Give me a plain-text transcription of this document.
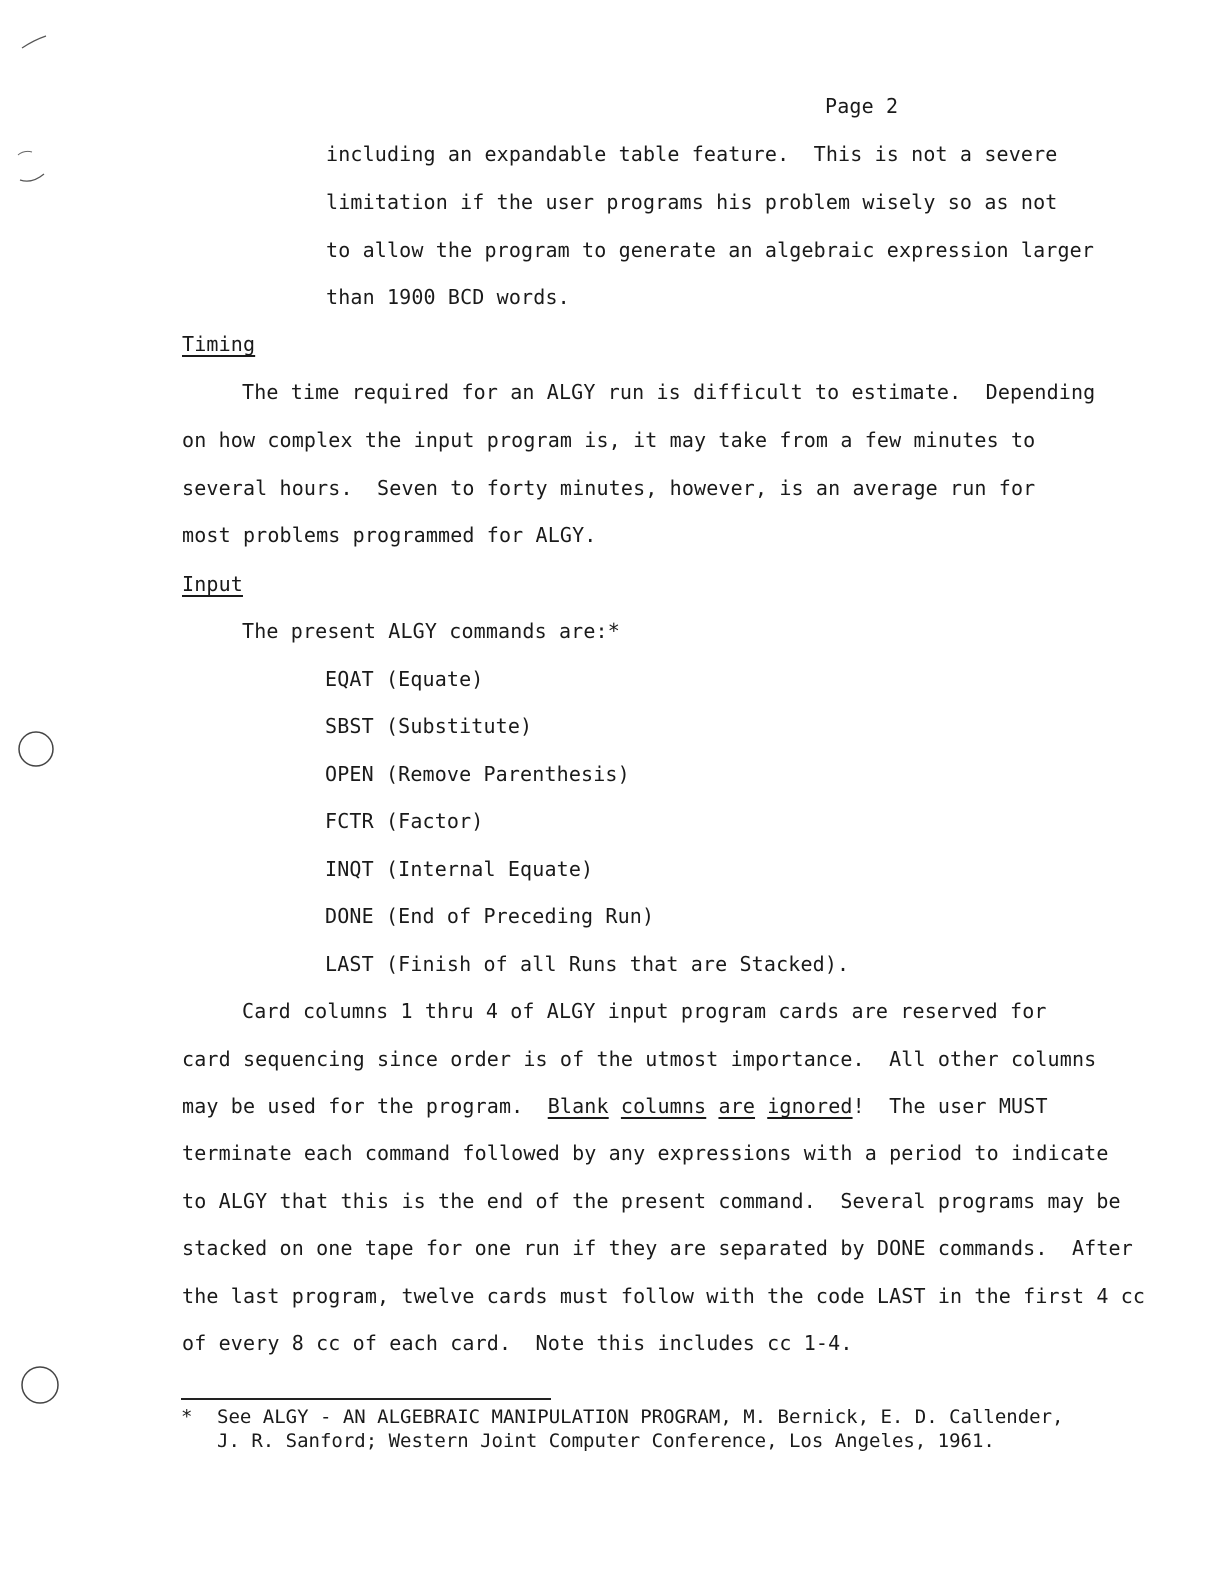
Page 2
including an expandable table feature.  This is not a severe
limitation if the user programs his problem wisely so as not
to allow the program to generate an algebraic expression larger
than 1900 BCD words.
Timing
The time required for an ALGY run is difficult to estimate.  Depending
on how complex the input program is, it may take from a few minutes to
several hours.  Seven to forty minutes, however, is an average run for
most problems programmed for ALGY.
Input
The present ALGY commands are:*
EQAT (Equate)
SBST (Substitute)
OPEN (Remove Parenthesis)
FCTR (Factor)
INQT (Internal Equate)
DONE (End of Preceding Run)
LAST (Finish of all Runs that are Stacked).
Card columns 1 thru 4 of ALGY input program cards are reserved for
card sequencing since order is of the utmost importance.  All other columns
may be used for the program.  Blank columns are ignored!  The user MUST
terminate each command followed by any expressions with a period to indicate
to ALGY that this is the end of the present command.  Several programs may be
stacked on one tape for one run if they are separated by DONE commands.  After
the last program, twelve cards must follow with the code LAST in the first 4 cc
of every 8 cc of each card.  Note this includes cc 1-4.
* See ALGY - AN ALGEBRAIC MANIPULATION PROGRAM, M. Bernick, E. D. Callender,
J. R. Sanford; Western Joint Computer Conference, Los Angeles, 1961.
